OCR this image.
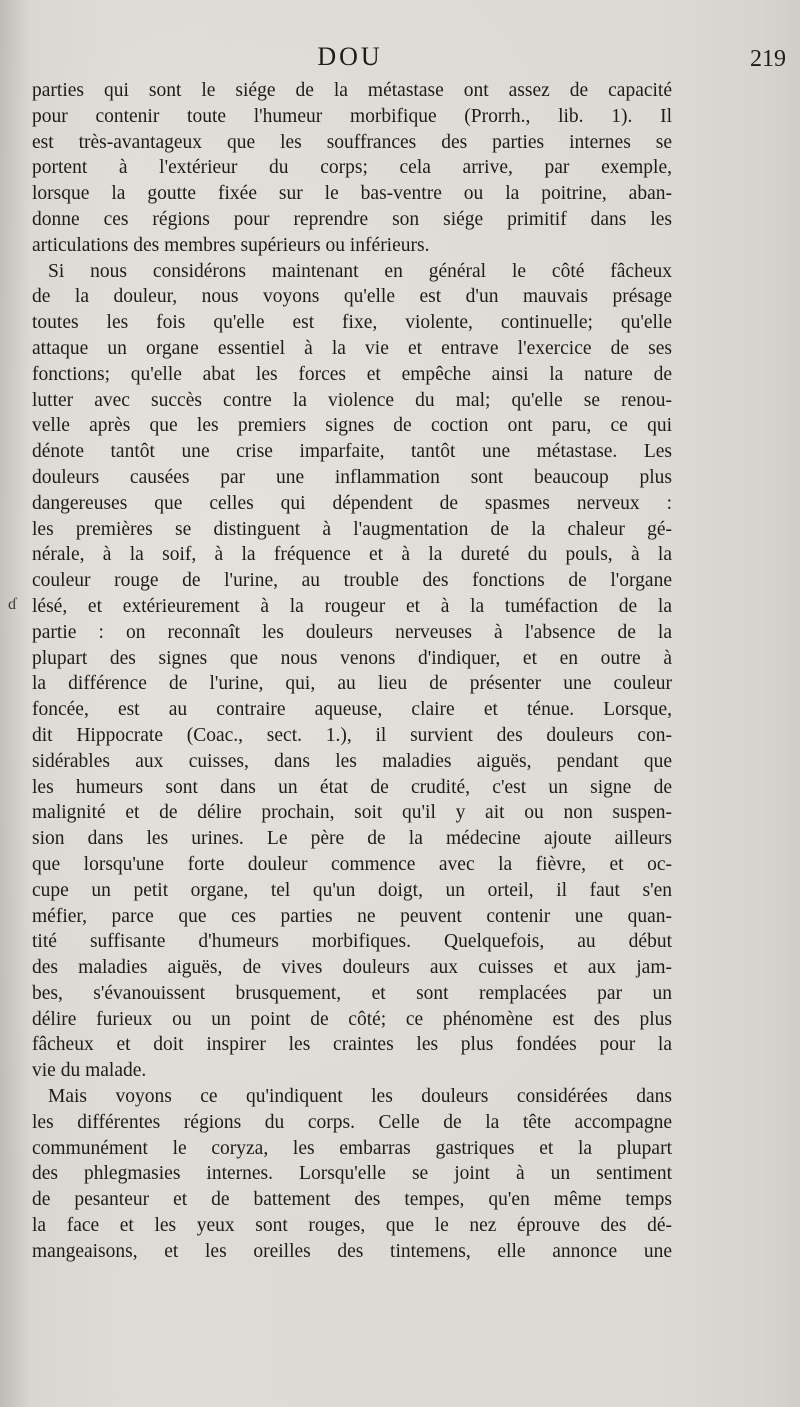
DOU	219
ɗ
parties qui sont le siége de la métastase ont assez de capacité
pour contenir toute l'humeur morbifique (Prorrh., lib. 1). Il
est très-avantageux que les souffrances des parties internes se
portent à l'extérieur du corps; cela arrive, par exemple,
lorsque la goutte fixée sur le bas-ventre ou la poitrine, aban-
donne ces régions pour reprendre son siége primitif dans les
articulations des membres supérieurs ou inférieurs.
Si nous considérons maintenant en général le côté fâcheux
de la douleur, nous voyons qu'elle est d'un mauvais présage
toutes les fois qu'elle est fixe, violente, continuelle; qu'elle
attaque un organe essentiel à la vie et entrave l'exercice de ses
fonctions; qu'elle abat les forces et empêche ainsi la nature de
lutter avec succès contre la violence du mal; qu'elle se renou-
velle après que les premiers signes de coction ont paru, ce qui
dénote tantôt une crise imparfaite, tantôt une métastase. Les
douleurs causées par une inflammation sont beaucoup plus
dangereuses que celles qui dépendent de spasmes nerveux :
les premières se distinguent à l'augmentation de la chaleur gé-
nérale, à la soif, à la fréquence et à la dureté du pouls, à la
couleur rouge de l'urine, au trouble des fonctions de l'organe
lésé, et extérieurement à la rougeur et à la tuméfaction de la
partie : on reconnaît les douleurs nerveuses à l'absence de la
plupart des signes que nous venons d'indiquer, et en outre à
la différence de l'urine, qui, au lieu de présenter une couleur
foncée, est au contraire aqueuse, claire et ténue. Lorsque,
dit Hippocrate (Coac., sect. 1.), il survient des douleurs con-
sidérables aux cuisses, dans les maladies aiguës, pendant que
les humeurs sont dans un état de crudité, c'est un signe de
malignité et de délire prochain, soit qu'il y ait ou non suspen-
sion dans les urines. Le père de la médecine ajoute ailleurs
que lorsqu'une forte douleur commence avec la fièvre, et oc-
cupe un petit organe, tel qu'un doigt, un orteil, il faut s'en
méfier, parce que ces parties ne peuvent contenir une quan-
tité suffisante d'humeurs morbifiques. Quelquefois, au début
des maladies aiguës, de vives douleurs aux cuisses et aux jam-
bes, s'évanouissent brusquement, et sont remplacées par un
délire furieux ou un point de côté; ce phénomène est des plus
fâcheux et doit inspirer les craintes les plus fondées pour la
vie du malade.
Mais voyons ce qu'indiquent les douleurs considérées dans
les différentes régions du corps. Celle de la tête accompagne
communément le coryza, les embarras gastriques et la plupart
des phlegmasies internes. Lorsqu'elle se joint à un sentiment
de pesanteur et de battement des tempes, qu'en même temps
la face et les yeux sont rouges, que le nez éprouve des dé-
mangeaisons, et les oreilles des tintemens, elle annonce une
